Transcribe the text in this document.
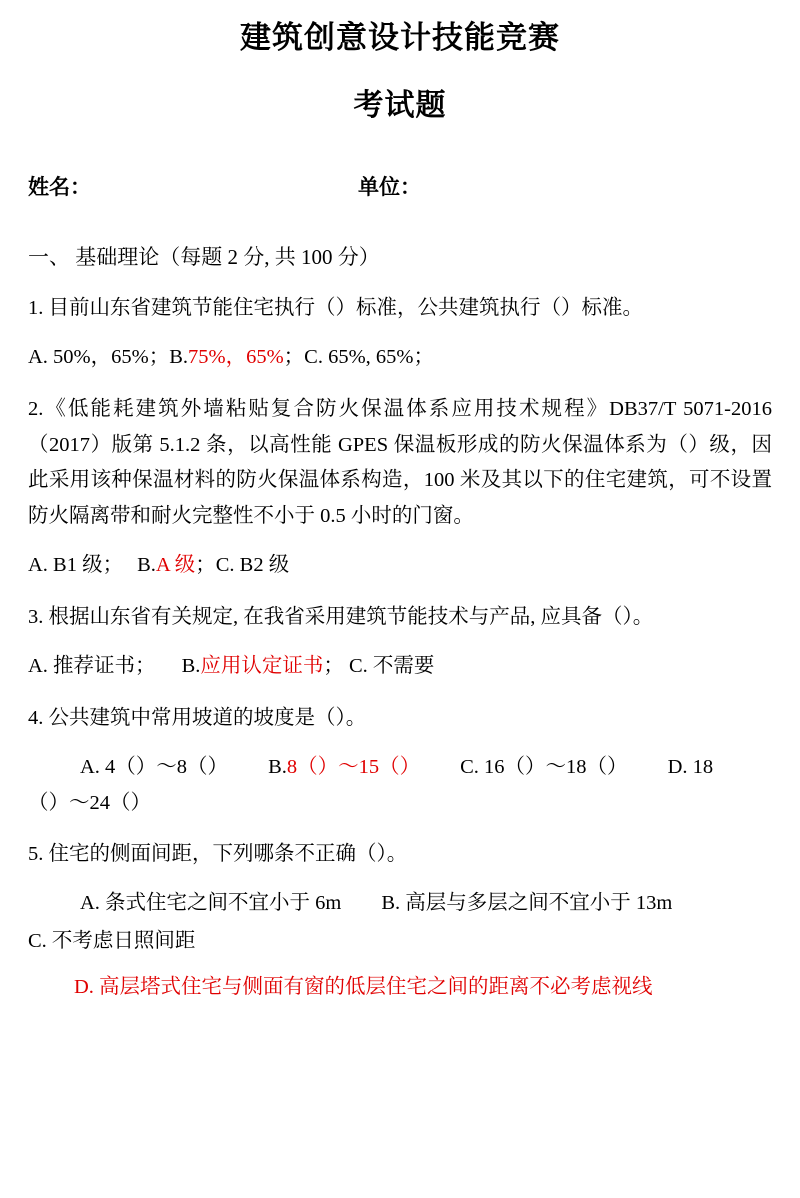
建筑创意设计技能竞赛
考试题
姓名：	单位：
一、 基础理论（每题 2 分, 共 100 分）
1. 目前山东省建筑节能住宅执行（）标准，公共建筑执行（）标准。
A. 50%，65%；B.75%，65%；C. 65%, 65%；
2.《低能耗建筑外墙粘贴复合防火保温体系应用技术规程》DB37/T 5071-2016（2017）版第 5.1.2 条，以高性能 GPES 保温板形成的防火保温体系为（）级，因此采用该种保温材料的防火保温体系构造，100 米及其以下的住宅建筑，可不设置防火隔离带和耐火完整性不小于 0.5 小时的门窗。
A. B1 级； B.A 级；C. B2 级
3. 根据山东省有关规定, 在我省采用建筑节能技术与产品, 应具备（）。
A. 推荐证书； B.应用认定证书； C. 不需要
4. 公共建筑中常用坡道的坡度是（）。
A. 4（）～8（） B.8（）～15（） C. 16（）～18（） D. 18
（）～24（）
5. 住宅的侧面间距，下列哪条不正确（）。
A. 条式住宅之间不宜小于 6m B. 高层与多层之间不宜小于 13m
C. 不考虑日照间距
D. 高层塔式住宅与侧面有窗的低层住宅之间的距离不必考虑视线
